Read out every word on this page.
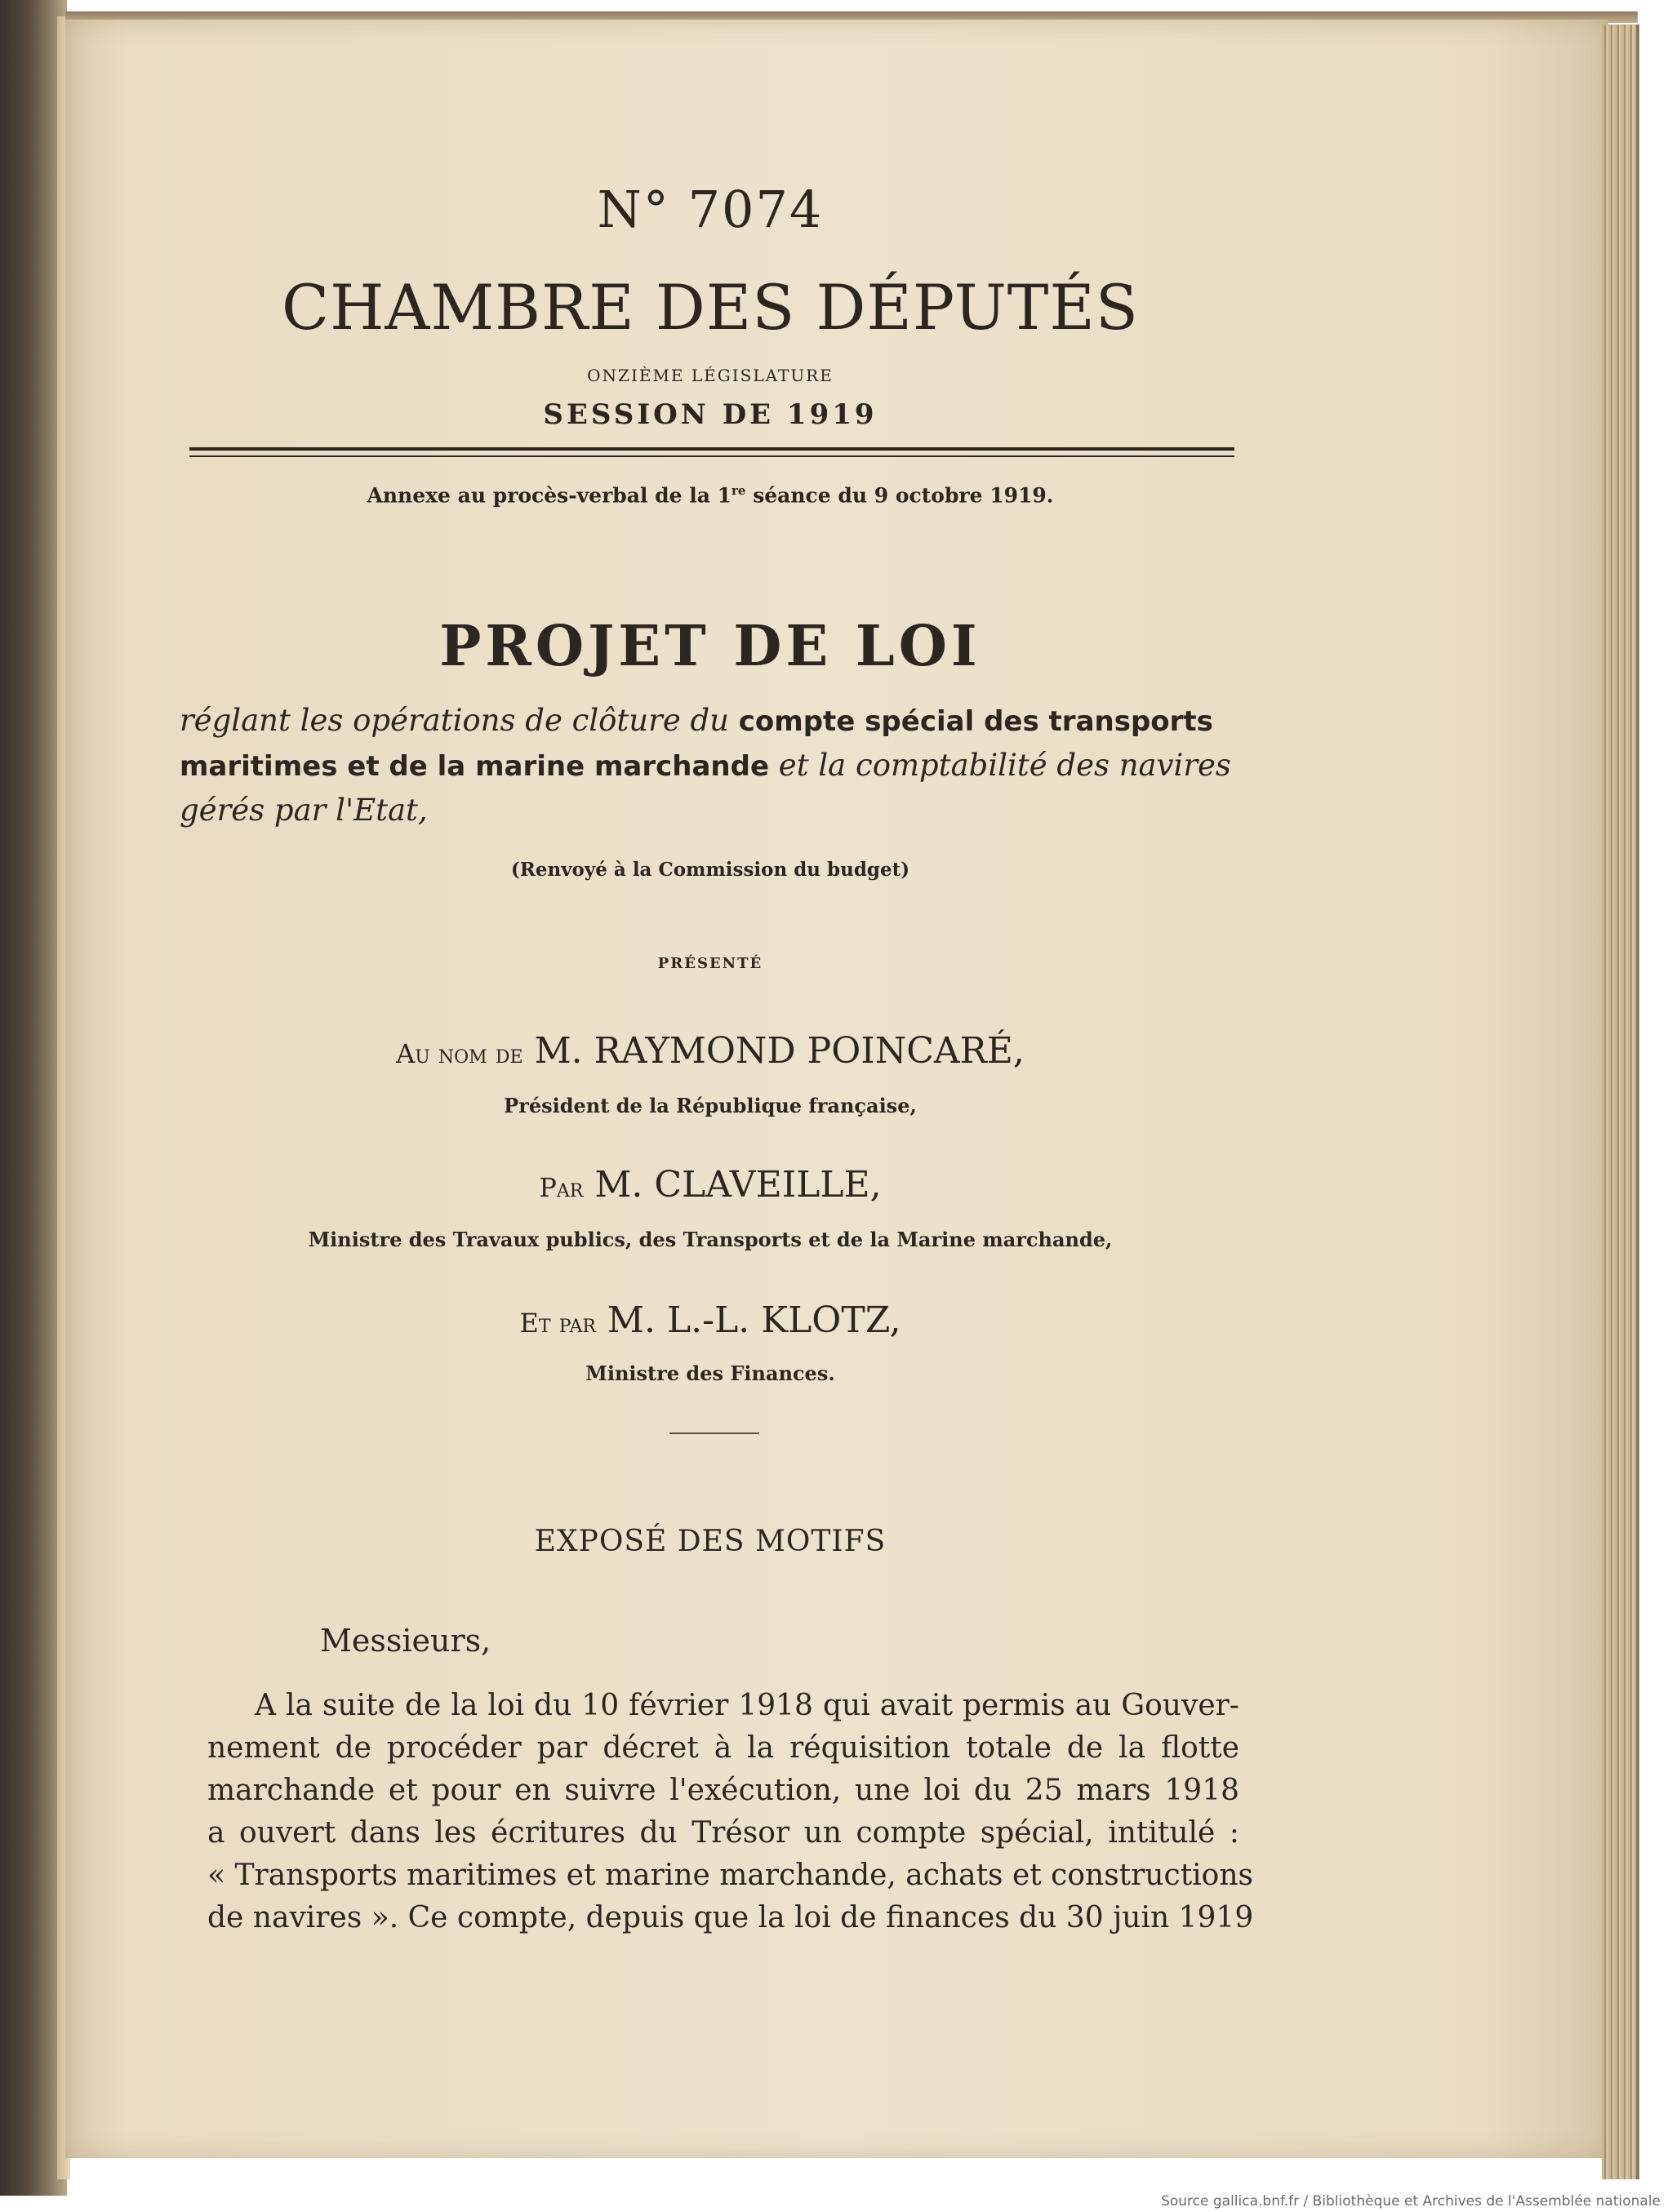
N° 7074
CHAMBRE DES DÉPUTÉS
ONZIÈME LÉGISLATURE
SESSION DE 1919
Annexe au procès-verbal de la 1re séance du 9 octobre 1919.
PROJET DE LOI
réglant les opérations de clôture du compte spécial des transports maritimes et de la marine marchande et la comptabilité des navires gérés par l'Etat,
(Renvoyé à la Commission du budget)
PRÉSENTÉ
Au nom de M. RAYMOND POINCARÉ,
Président de la République française,
Par M. CLAVEILLE,
Ministre des Travaux publics, des Transports et de la Marine marchande,
Et par M. L.-L. KLOTZ,
Ministre des Finances.
EXPOSÉ DES MOTIFS
Messieurs,
A la suite de la loi du 10 février 1918 qui avait permis au Gouver-
nement de procéder par décret à la réquisition totale de la flotte
marchande et pour en suivre l'exécution, une loi du 25 mars 1918
a ouvert dans les écritures du Trésor un compte spécial, intitulé :
« Transports maritimes et marine marchande, achats et constructions
de navires ». Ce compte, depuis que la loi de finances du 30 juin 1919
Source gallica.bnf.fr / Bibliothèque et Archives de l'Assemblée nationale
